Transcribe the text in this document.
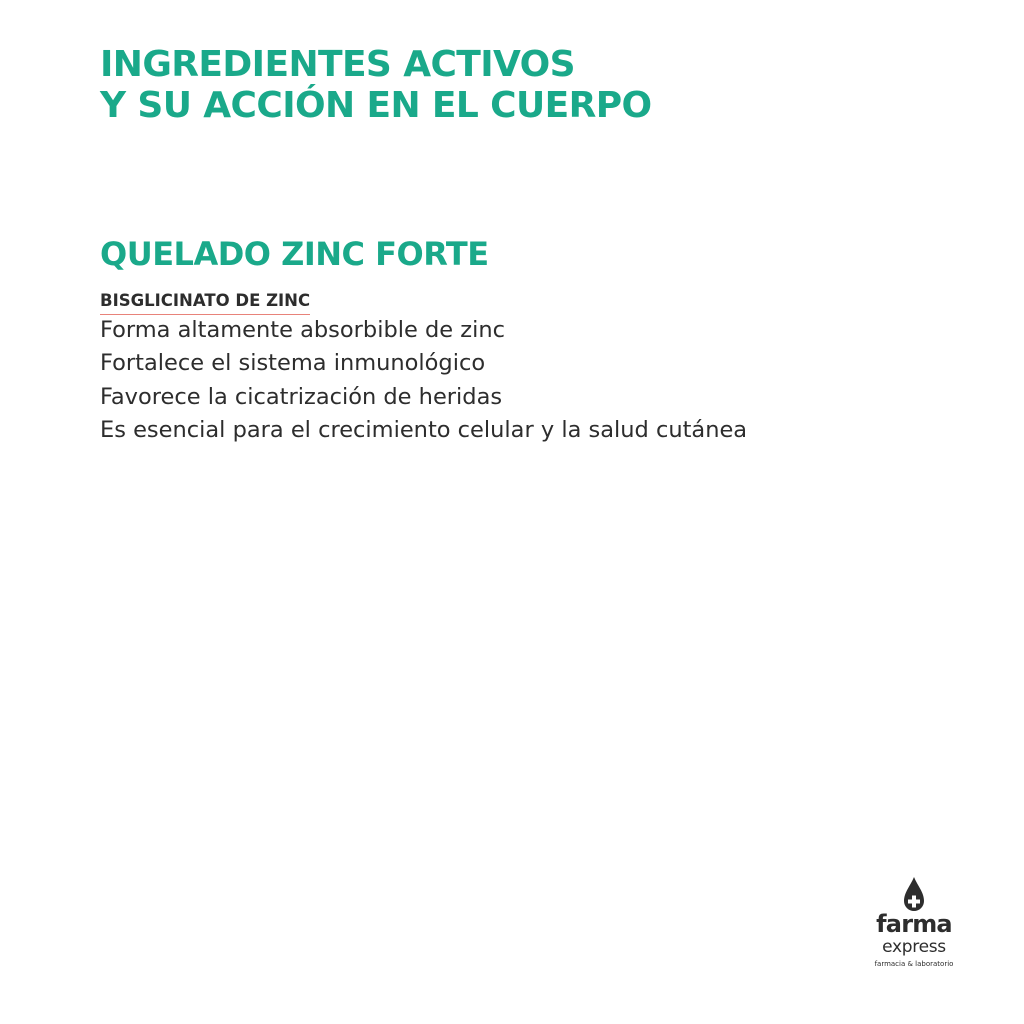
INGREDIENTES ACTIVOS
Y SU ACCIÓN EN EL CUERPO
QUELADO ZINC FORTE
BISGLICINATO DE ZINC
Forma altamente absorbible de zinc
Fortalece el sistema inmunológico
Favorece la cicatrización de heridas
Es esencial para el crecimiento celular y la salud cutánea
farma
express
farmacia & laboratorio
